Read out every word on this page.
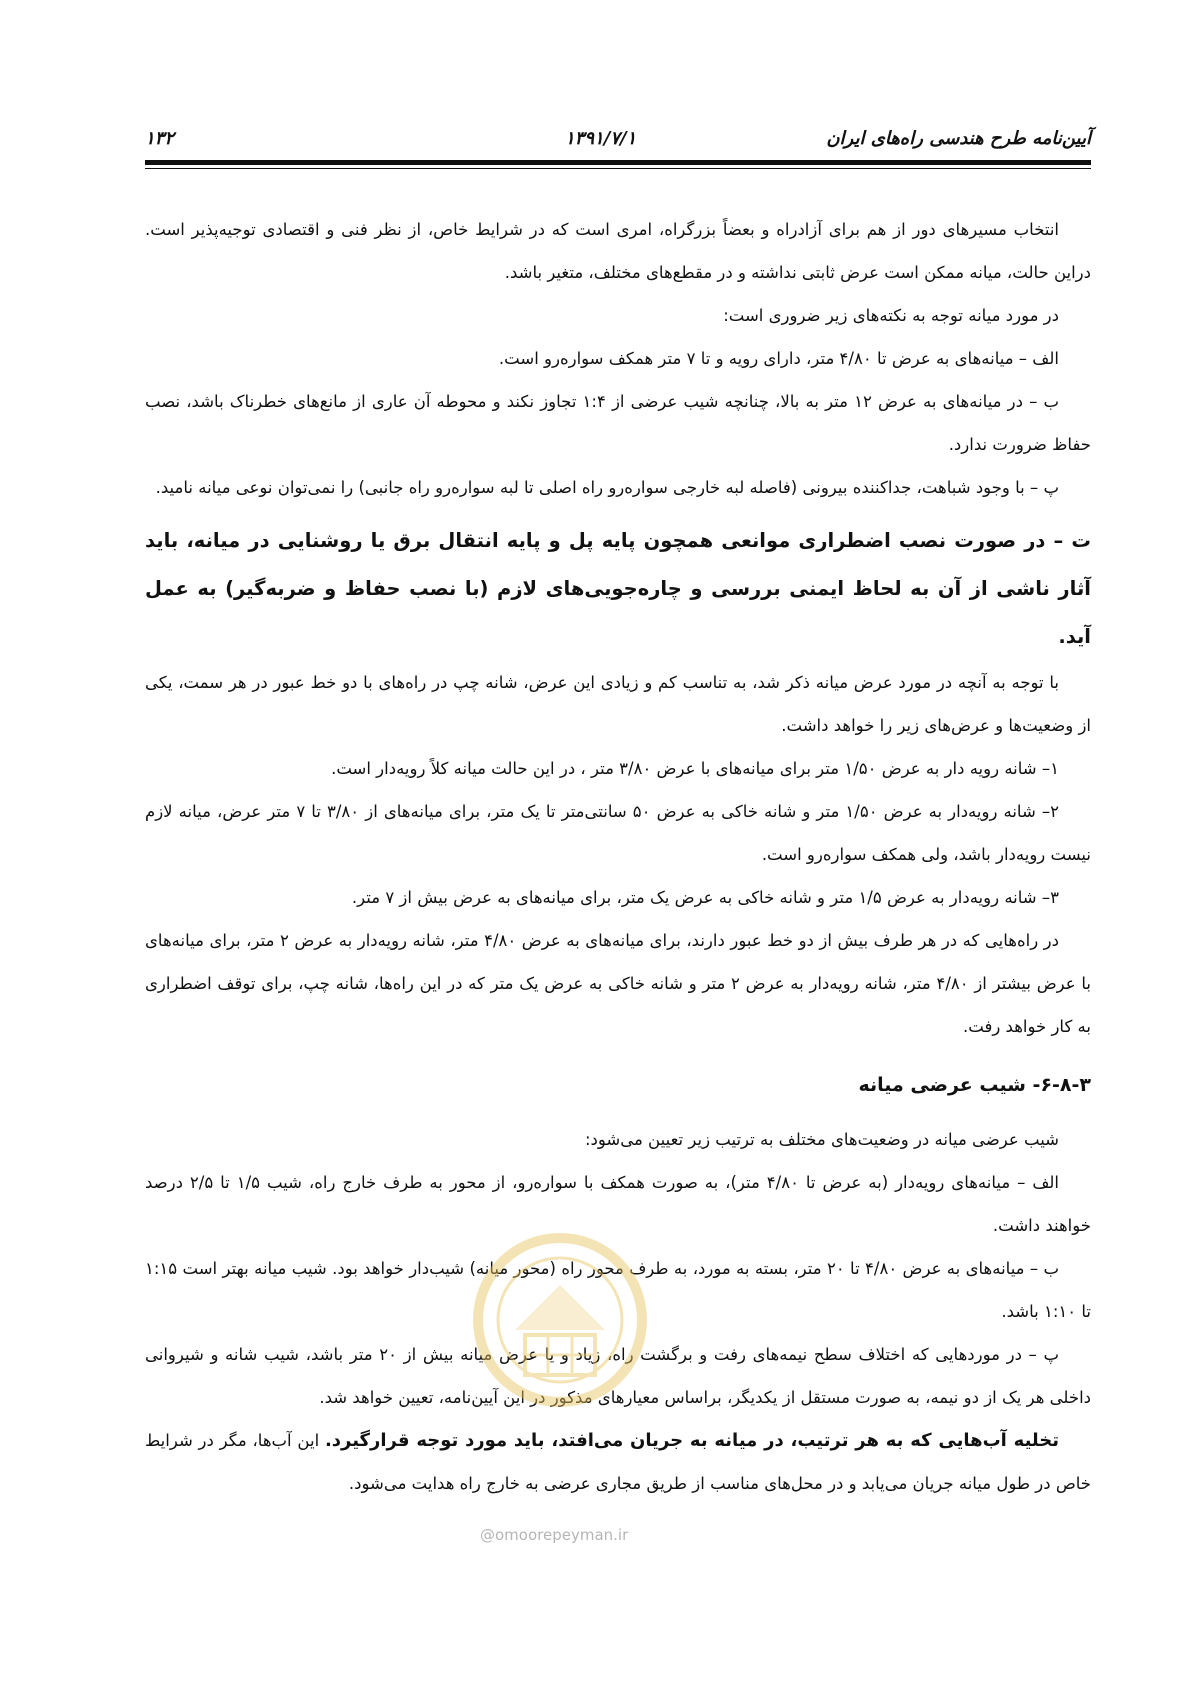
آیین‌نامه طرح هندسی راه‌های ایران
۱۳۹۱/۷/۱
۱۳۲

انتخاب مسیرهای دور از هم برای آزادراه و بعضاً بزرگراه، امری است که در شرایط خاص، از نظر فنی و اقتصادی توجیه‌پذیر است. دراین حالت، میانه ممکن است عرض ثابتی نداشته و در مقطع‌های مختلف، متغیر باشد.

در مورد میانه توجه به نکته‌های زیر ضروری است:

الف – میانه‌های به عرض تا ۴/۸۰ متر، دارای رویه و تا ۷ متر همکف سواره‌رو است.

ب – در میانه‌های به عرض ۱۲ متر به بالا، چنانچه شیب عرضی از ۱:۴ تجاوز نکند و محوطه آن عاری از مانع‌های خطرناک باشد، نصب حفاظ ضرورت ندارد.

پ – با وجود شباهت، جداکننده بیرونی (فاصله لبه خارجی سواره‌رو راه اصلی تا لبه سواره‌رو راه جانبی) را نمی‌توان نوعی میانه نامید.

ت – در صورت نصب اضطراری موانعی همچون پایه پل و پایه انتقال برق یا روشنایی در میانه، باید آثار ناشی از آن به لحاظ ایمنی بررسی و چاره‌جویی‌های لازم (با نصب حفاظ و ضربه‌گیر) به عمل آید.

با توجه به آنچه در مورد عرض میانه ذکر شد، به تناسب کم و زیادی این عرض، شانه چپ در راه‌های با دو خط عبور در هر سمت، یکی از وضعیت‌ها و عرض‌های زیر را خواهد داشت.

۱– شانه رویه دار به عرض ۱/۵۰ متر برای میانه‌های با عرض ۳/۸۰ متر ، در این حالت میانه کلاً رویه‌دار است.

۲– شانه رویه‌دار به عرض ۱/۵۰ متر و شانه خاکی به عرض ۵۰ سانتی‌متر تا یک متر، برای میانه‌های از ۳/۸۰ تا ۷ متر عرض، میانه لازم نیست رویه‌دار باشد، ولی همکف سواره‌رو است.

۳– شانه رویه‌دار به عرض ۱/۵ متر و شانه خاکی به عرض یک متر، برای میانه‌های به عرض بیش از ۷ متر.

در راه‌هایی که در هر طرف بیش از دو خط عبور دارند، برای میانه‌های به عرض ۴/۸۰ متر، شانه رویه‌دار به عرض ۲ متر، برای میانه‌های با عرض بیشتر از ۴/۸۰ متر، شانه رویه‌دار به عرض ۲ متر و شانه خاکی به عرض یک متر که در این راه‌ها، شانه چپ، برای توقف اضطراری به کار خواهد رفت.

۶-۸-۳- شیب عرضی میانه

شیب عرضی میانه در وضعیت‌های مختلف به ترتیب زیر تعیین می‌شود:

الف – میانه‌های رویه‌دار (به عرض تا ۴/۸۰ متر)، به صورت همکف با سواره‌رو، از محور به طرف خارج راه، شیب ۱/۵ تا ۲/۵ درصد خواهند داشت.

ب – میانه‌های به عرض ۴/۸۰ تا ۲۰ متر، بسته به مورد، به طرف محور راه (محور میانه) شیب‌دار خواهد بود. شیب میانه بهتر است ۱:۱۵ تا ۱:۱۰ باشد.

پ – در موردهایی که اختلاف سطح نیمه‌های رفت و برگشت راه، زیاد و یا عرض میانه بیش از ۲۰ متر باشد، شیب شانه و شیروانی داخلی هر یک از دو نیمه، به صورت مستقل از یکدیگر، براساس معیارهای مذکور در این آیین‌نامه، تعیین خواهد شد.

تخلیه آب‌هایی که به هر ترتیب، در میانه به جریان می‌افتد، باید مورد توجه قرارگیرد. این آب‌ها، مگر در شرایط خاص در طول میانه جریان می‌یابد و در محل‌های مناسب از طریق مجاری عرضی به خارج راه هدایت می‌شود.

@omoorepeyman.ir
